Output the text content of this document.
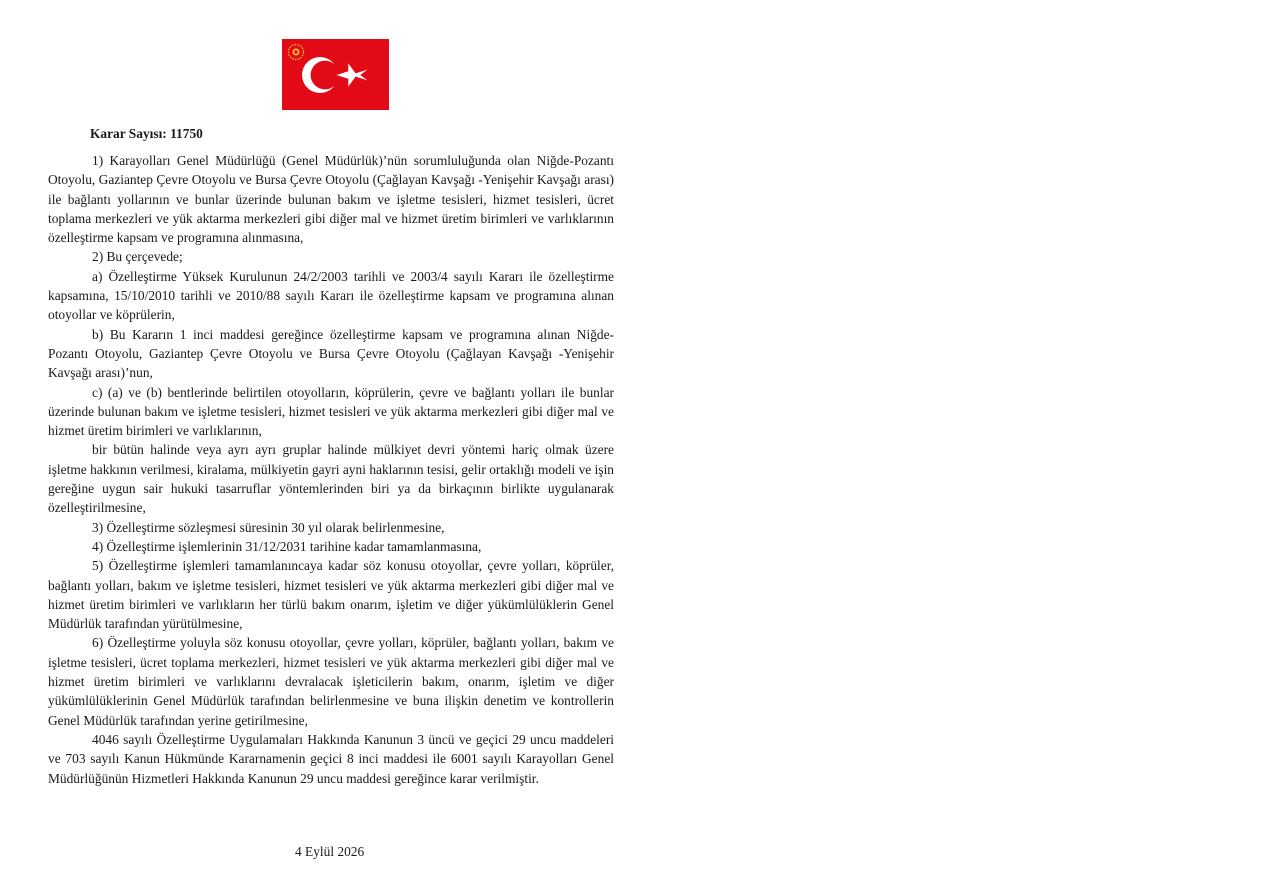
Karar Sayısı: 11750

1) Karayolları Genel Müdürlüğü (Genel Müdürlük)’nün sorumluluğunda olan Niğde-Pozantı Otoyolu, Gaziantep Çevre Otoyolu ve Bursa Çevre Otoyolu (Çağlayan Kavşağı -Yenişehir Kavşağı arası) ile bağlantı yollarının ve bunlar üzerinde bulunan bakım ve işletme tesisleri, hizmet tesisleri, ücret toplama merkezleri ve yük aktarma merkezleri gibi diğer mal ve hizmet üretim birimleri ve varlıklarının özelleştirme kapsam ve programına alınmasına,

2) Bu çerçevede;

a) Özelleştirme Yüksek Kurulunun 24/2/2003 tarihli ve 2003/4 sayılı Kararı ile özelleştirme kapsamına, 15/10/2010 tarihli ve 2010/88 sayılı Kararı ile özelleştirme kapsam ve programına alınan otoyollar ve köprülerin,

b) Bu Kararın 1 inci maddesi gereğince özelleştirme kapsam ve programına alınan Niğde-Pozantı Otoyolu, Gaziantep Çevre Otoyolu ve Bursa Çevre Otoyolu (Çağlayan Kavşağı -Yenişehir Kavşağı arası)’nun,

c) (a) ve (b) bentlerinde belirtilen otoyolların, köprülerin, çevre ve bağlantı yolları ile bunlar üzerinde bulunan bakım ve işletme tesisleri, hizmet tesisleri ve yük aktarma merkezleri gibi diğer mal ve hizmet üretim birimleri ve varlıklarının,

bir bütün halinde veya ayrı ayrı gruplar halinde mülkiyet devri yöntemi hariç olmak üzere işletme hakkının verilmesi, kiralama, mülkiyetin gayri ayni haklarının tesisi, gelir ortaklığı modeli ve işin gereğine uygun sair hukuki tasarruflar yöntemlerinden biri ya da birkaçının birlikte uygulanarak özelleştirilmesine,

3) Özelleştirme sözleşmesi süresinin 30 yıl olarak belirlenmesine,

4) Özelleştirme işlemlerinin 31/12/2031 tarihine kadar tamamlanmasına,

5) Özelleştirme işlemleri tamamlanıncaya kadar söz konusu otoyollar, çevre yolları, köprüler, bağlantı yolları, bakım ve işletme tesisleri, hizmet tesisleri ve yük aktarma merkezleri gibi diğer mal ve hizmet üretim birimleri ve varlıkların her türlü bakım onarım, işletim ve diğer yükümlülüklerin Genel Müdürlük tarafından yürütülmesine,

6) Özelleştirme yoluyla söz konusu otoyollar, çevre yolları, köprüler, bağlantı yolları, bakım ve işletme tesisleri, ücret toplama merkezleri, hizmet tesisleri ve yük aktarma merkezleri gibi diğer mal ve hizmet üretim birimleri ve varlıklarını devralacak işleticilerin bakım, onarım, işletim ve diğer yükümlülüklerinin Genel Müdürlük tarafından belirlenmesine ve buna ilişkin denetim ve kontrollerin Genel Müdürlük tarafından yerine getirilmesine,

4046 sayılı Özelleştirme Uygulamaları Hakkında Kanunun 3 üncü ve geçici 29 uncu maddeleri ve 703 sayılı Kanun Hükmünde Kararnamenin geçici 8 inci maddesi ile 6001 sayılı Karayolları Genel Müdürlüğünün Hizmetleri Hakkında Kanunun 29 uncu maddesi gereğince karar verilmiştir.

4 Eylül 2026
